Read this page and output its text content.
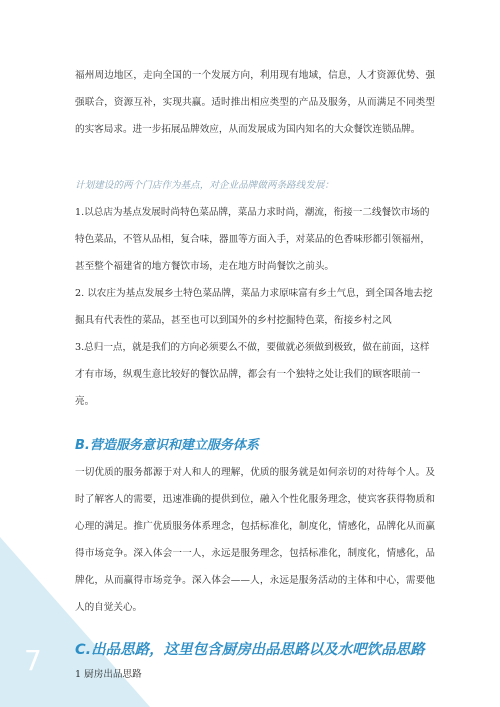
7

福州周边地区，走向全国的一个发展方向，利用现有地域，信息，人才资源优势、强强联合，资源互补，实现共赢。适时推出相应类型的产品及服务，从而满足不同类型的实客局求。进一步拓展品牌效应，从而发展成为国内知名的大众餐饮连锁品牌。

计划建设的两个门店作为基点，对企业品牌做两条路线发展：

1.以总店为基点发展时尚特色菜品牌，菜品力求时尚，潮流，衔接一二线餐饮市场的特色菜品，不管从品相，复合味，器皿等方面入手，对菜品的色香味形都引领福州，甚至整个福建省的地方餐饮市场，走在地方时尚餐饮之前头。

2. 以农庄为基点发展乡土特色菜品牌，菜品力求原味富有乡土气息，到全国各地去挖掘具有代表性的菜品，甚至也可以到国外的乡村挖掘特色菜，衔接乡村之风

3.总归一点，就是我们的方向必须要么不做，要做就必须做到极致，做在前面，这样才有市场，纵观生意比较好的餐饮品牌，都会有一个独特之处让我们的顾客眼前一亮。

B.营造服务意识和建立服务体系

一切优质的服务都源于对人和人的理解，优质的服务就是如何亲切的对待每个人。及时了解客人的需要，迅速准确的提供到位，融入个性化服务理念，使宾客获得物质和心理的满足。推广优质服务体系理念，包括标准化，制度化，情感化，品牌化从而赢得市场竞争。深入体会一一人，永远是服务理念，包括标准化，制度化，情感化，品牌化，从而赢得市场竞争。深入体会——人，永远是服务活动的主体和中心，需要他人的自觉关心。

C.出品思路，这里包含厨房出品思路以及水吧饮品思路

1 厨房出品思路
